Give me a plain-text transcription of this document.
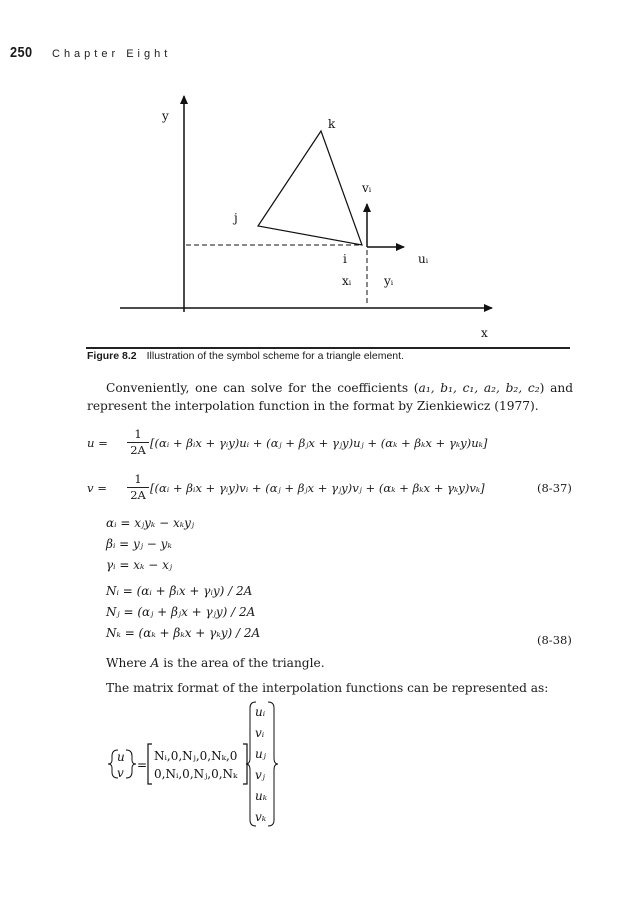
250 Chapter Eight
y
x
k
j
i
vᵢ
uᵢ
xᵢ	yᵢ
Figure 8.2 Illustration of the symbol scheme for a triangle element.
Conveniently, one can solve for the coefficients (a₁, b₁, c₁, a₂, b₂, c₂) and represent the interpolation function in the format by Zienkiewicz (1977).
u =
1
2A [(αᵢ + βᵢx + γᵢy)uᵢ + (αⱼ + βⱼx + γⱼy)uⱼ + (αₖ + βₖx + γₖy)uₖ]
v =
1
2A [(αᵢ + βᵢx + γᵢy)vᵢ + (αⱼ + βⱼx + γⱼy)vⱼ + (αₖ + βₖx + γₖy)vₖ]	(8-37)
αᵢ = xⱼyₖ − xₖyⱼ
βᵢ = yⱼ − yₖ
γᵢ = xₖ − xⱼ
Nᵢ = (αᵢ + βᵢx + γᵢy) / 2A
Nⱼ = (αⱼ + βⱼx + γⱼy) / 2A
Nₖ = (αₖ + βₖx + γₖy) / 2A	(8-38)
Where A is the area of the triangle.
The matrix format of the interpolation functions can be represented as:
u
v
=
Nᵢ,0,Nⱼ,0,Nₖ,0
0,Nᵢ,0,Nⱼ,0,Nₖ
uᵢ
vᵢ
uⱼ
vⱼ
uₖ
vₖ
